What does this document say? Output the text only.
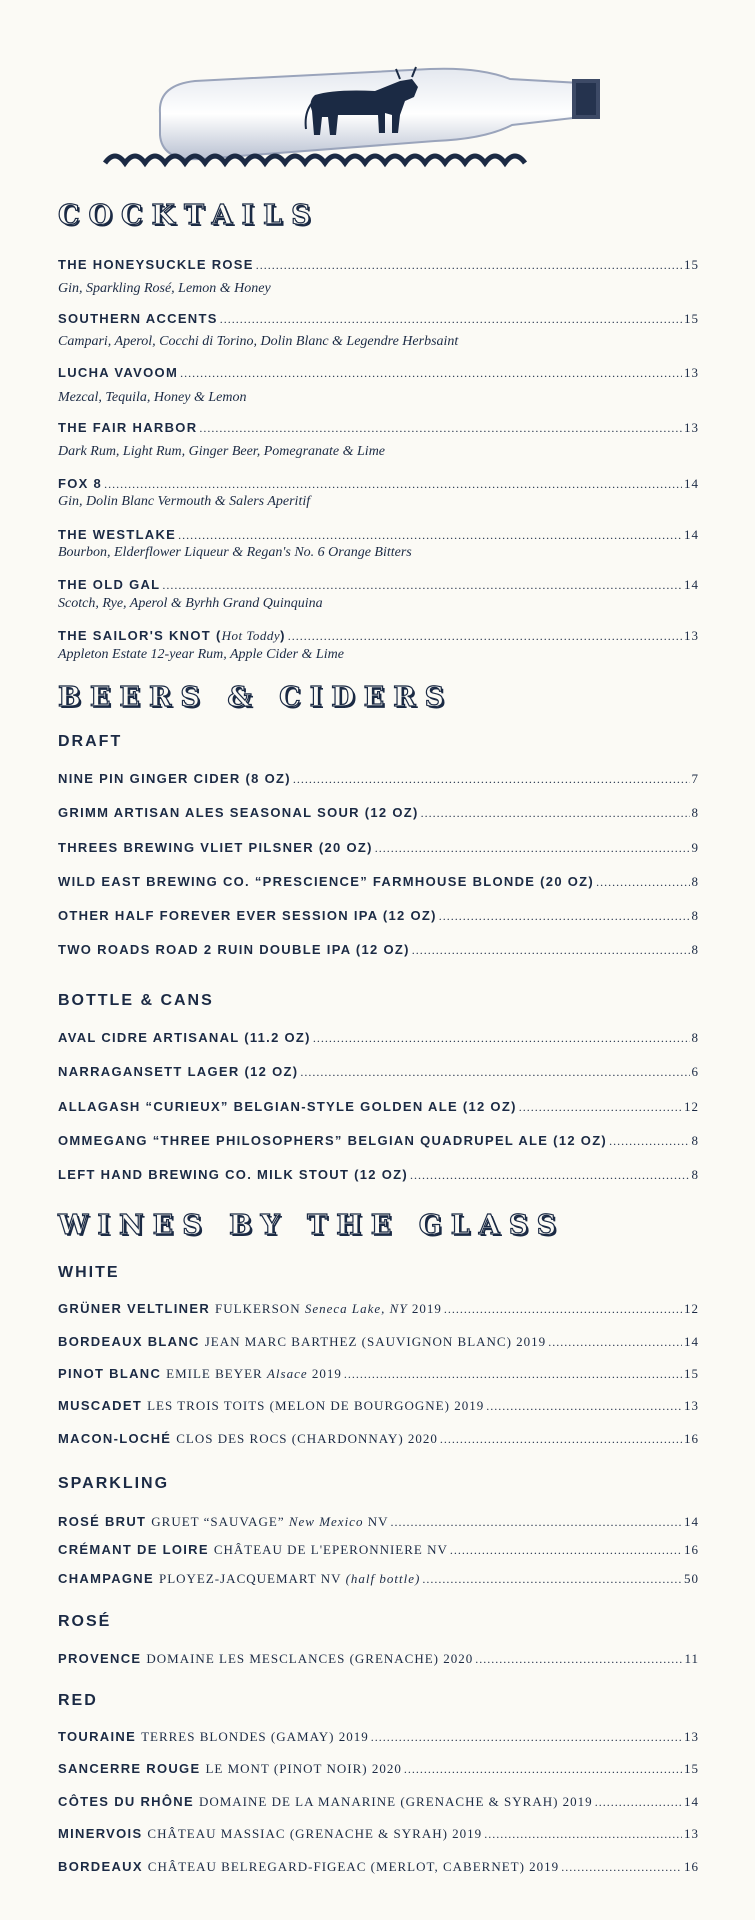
COCKTAILS
THE HONEYSUCKLE ROSE .....	15
Gin, Sparkling Rosé, Lemon & Honey
SOUTHERN ACCENTS .....	15
Campari, Aperol, Cocchi di Torino, Dolin Blanc & Legendre Herbsaint
LUCHA VAVOOM .....	13
Mezcal, Tequila, Honey & Lemon
THE FAIR HARBOR .....	13
Dark Rum, Light Rum, Ginger Beer, Pomegranate & Lime
FOX 8 .....	14
Gin, Dolin Blanc Vermouth & Salers Aperitif
THE WESTLAKE .....	14
Bourbon, Elderflower Liqueur & Regan's No. 6 Orange Bitters
THE OLD GAL .....	14
Scotch, Rye, Aperol & Byrhh Grand Quinquina
THE SAILOR'S KNOT ( Hot Toddy ) .....	13
Appleton Estate 12-year Rum, Apple Cider & Lime
BEERS & CIDERS
DRAFT
NINE PIN GINGER CIDER (8 OZ) .....	7
GRIMM ARTISAN ALES SEASONAL SOUR (12 OZ) .....	8
THREES BREWING VLIET PILSNER (20 OZ) .....	9
WILD EAST BREWING CO. “PRESCIENCE” FARMHOUSE BLONDE (20 OZ) .....	8
OTHER HALF FOREVER EVER SESSION IPA (12 OZ) .....	8
TWO ROADS ROAD 2 RUIN DOUBLE IPA (12 OZ) .....	8
BOTTLE & CANS
AVAL CIDRE ARTISANAL (11.2 OZ) .....	8
NARRAGANSETT LAGER (12 OZ) .....	6
ALLAGASH “CURIEUX” BELGIAN-STYLE GOLDEN ALE (12 OZ) .....	12
OMMEGANG “THREE PHILOSOPHERS” BELGIAN QUADRUPEL ALE (12 OZ) .....	8
LEFT HAND BREWING CO. MILK STOUT (12 OZ) .....	8
WINES BY THE GLASS
WHITE
GRÜNER VELTLINER FULKERSON Seneca Lake, NY 2019 .....	12
BORDEAUX BLANC JEAN MARC BARTHEZ (SAUVIGNON BLANC) 2019 .....	14
PINOT BLANC EMILE BEYER Alsace 2019 .....	15
MUSCADET LES TROIS TOITS (MELON DE BOURGOGNE) 2019 .....	13
MACON-LOCHÉ CLOS DES ROCS (CHARDONNAY) 2020 .....	16
SPARKLING
ROSÉ BRUT GRUET “SAUVAGE” New Mexico NV .....	14
CRÉMANT DE LOIRE CHÂTEAU DE L'EPERONNIERE NV .....	16
CHAMPAGNE PLOYEZ-JACQUEMART NV (half bottle) .....	50
ROSÉ
PROVENCE DOMAINE LES MESCLANCES (GRENACHE) 2020 .....	11
RED
TOURAINE TERRES BLONDES (GAMAY) 2019 .....	13
SANCERRE ROUGE LE MONT (PINOT NOIR) 2020 .....	15
CÔTES DU RHÔNE DOMAINE DE LA MANARINE (GRENACHE & SYRAH) 2019 .....	14
MINERVOIS CHÂTEAU MASSIAC (GRENACHE & SYRAH) 2019 .....	13
BORDEAUX CHÂTEAU BELREGARD-FIGEAC (MERLOT, CABERNET) 2019 .....	16
